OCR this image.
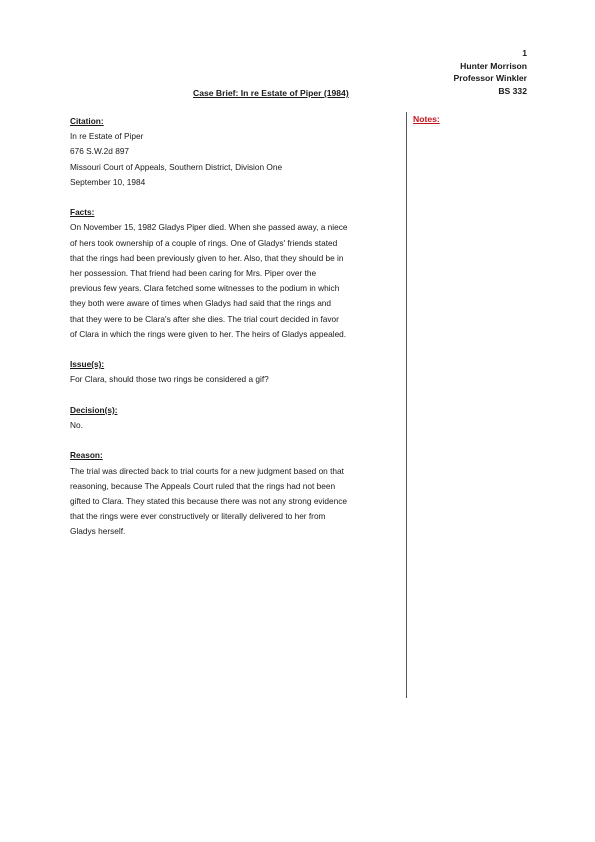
1
Hunter Morrison
Professor Winkler
BS 332
Case Brief: In re Estate of Piper (1984)
Notes:
Citation:
In re Estate of Piper
676 S.W.2d 897
Missouri Court of Appeals, Southern District, Division One
September 10, 1984
Facts:
On November 15, 1982 Gladys Piper died. When she passed away, a niece
of hers took ownership of a couple of rings. One of Gladys' friends stated
that the rings had been previously given to her. Also, that they should be in
her possession. That friend had been caring for Mrs. Piper over the
previous few years. Clara fetched some witnesses to the podium in which
they both were aware of times when Gladys had said that the rings and
that they were to be Clara's after she dies. The trial court decided in favor
of Clara in which the rings were given to her. The heirs of Gladys appealed.
Issue(s):
For Clara, should those two rings be considered a gif?
Decision(s):
No.
Reason:
The trial was directed back to trial courts for a new judgment based on that
reasoning, because The Appeals Court ruled that the rings had not been
gifted to Clara. They stated this because there was not any strong evidence
that the rings were ever constructively or literally delivered to her from
Gladys herself.
